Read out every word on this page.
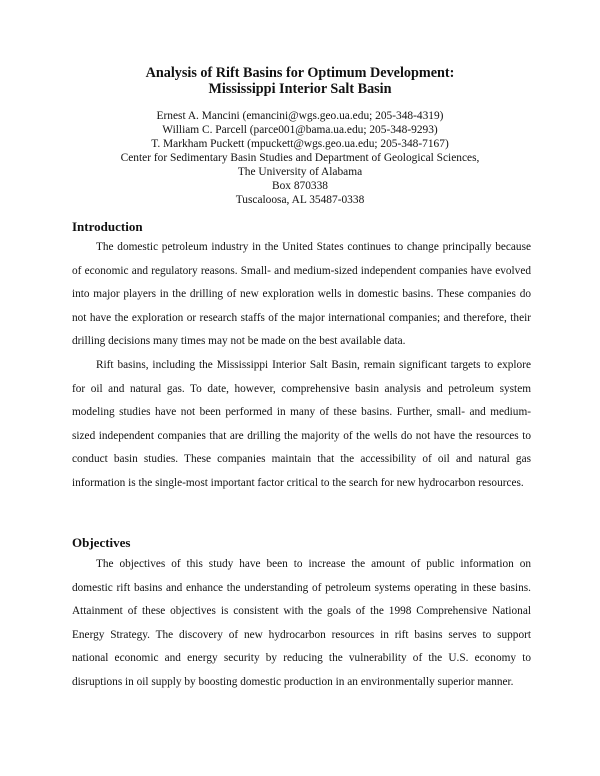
Analysis of Rift Basins for Optimum Development:
Mississippi Interior Salt Basin
Ernest A. Mancini (emancini@wgs.geo.ua.edu; 205-348-4319)
William C. Parcell (parce001@bama.ua.edu; 205-348-9293)
T. Markham Puckett (mpuckett@wgs.geo.ua.edu; 205-348-7167)
Center for Sedimentary Basin Studies and Department of Geological Sciences,
The University of Alabama
Box 870338
Tuscaloosa, AL 35487-0338
Introduction

The domestic petroleum industry in the United States continues to change principally because of economic and regulatory reasons. Small- and medium-sized independent companies have evolved into major players in the drilling of new exploration wells in domestic basins. These companies do not have the exploration or research staffs of the major international companies; and therefore, their drilling decisions many times may not be made on the best available data.

Rift basins, including the Mississippi Interior Salt Basin, remain significant targets to explore for oil and natural gas. To date, however, comprehensive basin analysis and petroleum system modeling studies have not been performed in many of these basins. Further, small- and medium-sized independent companies that are drilling the majority of the wells do not have the resources to conduct basin studies. These companies maintain that the accessibility of oil and natural gas information is the single-most important factor critical to the search for new hydrocarbon resources.

Objectives

The objectives of this study have been to increase the amount of public information on domestic rift basins and enhance the understanding of petroleum systems operating in these basins. Attainment of these objectives is consistent with the goals of the 1998 Comprehensive National Energy Strategy. The discovery of new hydrocarbon resources in rift basins serves to support national economic and energy security by reducing the vulnerability of the U.S. economy to disruptions in oil supply by boosting domestic production in an environmentally superior manner.
